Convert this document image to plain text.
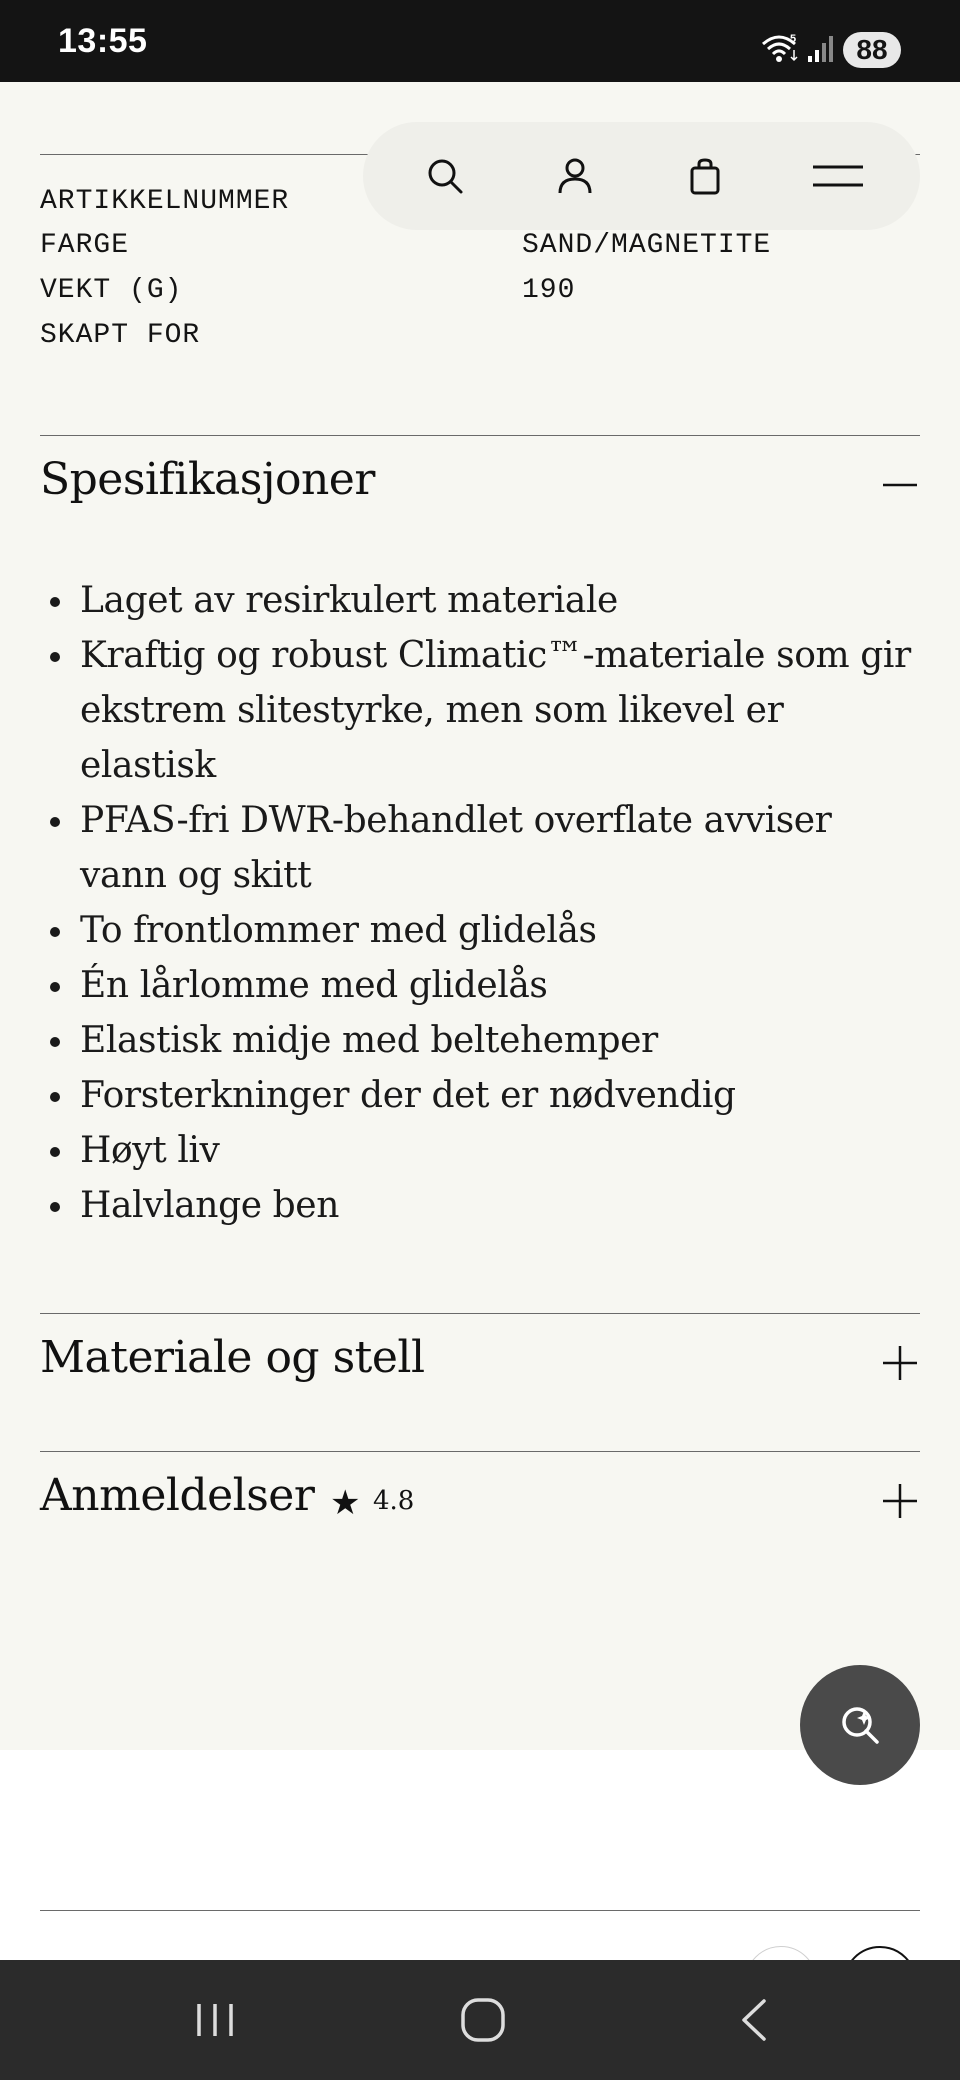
13:55	5	88
ARTIKKELNUMMER
FARGE	SAND/MAGNETITE
VEKT (G)	190
SKAPT FOR
Spesifikasjoner
Laget av resirkulert materiale
Kraftig og robust Climatic™-materiale som gir ekstrem slitestyrke, men som likevel er elastisk
PFAS-fri DWR-behandlet overflate avviser vann og skitt
To frontlommer med glidelås
Én lårlomme med glidelås
Elastisk midje med beltehemper
Forsterkninger der det er nødvendig
Høyt liv
Halvlange ben
Materiale og stell
Anmeldelser ★ 4.8
